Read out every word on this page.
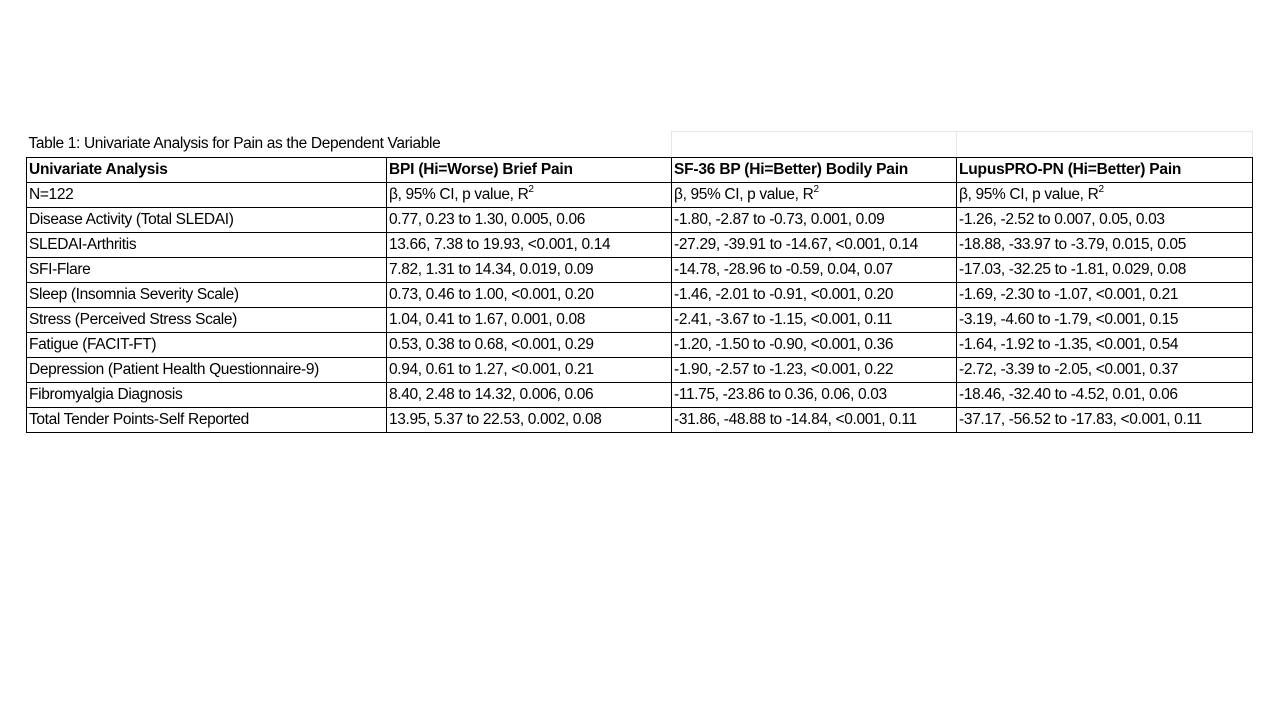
Table 1: Univariate Analysis for Pain as the Dependent Variable			
Univariate Analysis	BPI (Hi=Worse) Brief Pain	SF-36 BP (Hi=Better) Bodily Pain	LupusPRO-PN (Hi=Better) Pain
N=122	β, 95% CI, p value, $R^2$	β, 95% CI, p value, $R^2$	β, 95% CI, p value, $R^2$
Disease Activity (Total SLEDAI)	0.77, 0.23 to 1.30, 0.005, 0.06	-1.80, -2.87 to -0.73, 0.001, 0.09	-1.26, -2.52 to 0.007, 0.05, 0.03
SLEDAI-Arthritis	13.66, 7.38 to 19.93, <0.001, 0.14	-27.29, -39.91 to -14.67, <0.001, 0.14	-18.88, -33.97 to -3.79, 0.015, 0.05
SFI-Flare	7.82, 1.31 to 14.34, 0.019, 0.09	-14.78, -28.96 to -0.59, 0.04, 0.07	-17.03, -32.25 to -1.81, 0.029, 0.08
Sleep (Insomnia Severity Scale)	0.73, 0.46 to 1.00, <0.001, 0.20	-1.46, -2.01 to -0.91, <0.001, 0.20	-1.69, -2.30 to -1.07, <0.001, 0.21
Stress (Perceived Stress Scale)	1.04, 0.41 to 1.67, 0.001, 0.08	-2.41, -3.67 to -1.15, <0.001, 0.11	-3.19, -4.60 to -1.79, <0.001, 0.15
Fatigue (FACIT-FT)	0.53, 0.38 to 0.68, <0.001, 0.29	-1.20, -1.50 to -0.90, <0.001, 0.36	-1.64, -1.92 to -1.35, <0.001, 0.54
Depression (Patient Health Questionnaire-9)	0.94, 0.61 to 1.27, <0.001, 0.21	-1.90, -2.57 to -1.23, <0.001, 0.22	-2.72, -3.39 to -2.05, <0.001, 0.37
Fibromyalgia Diagnosis	8.40, 2.48 to 14.32, 0.006, 0.06	-11.75, -23.86 to 0.36, 0.06, 0.03	-18.46, -32.40 to -4.52, 0.01, 0.06
Total Tender Points-Self Reported	13.95, 5.37 to 22.53, 0.002, 0.08	-31.86, -48.88 to -14.84, <0.001, 0.11	-37.17, -56.52 to -17.83, <0.001, 0.11
